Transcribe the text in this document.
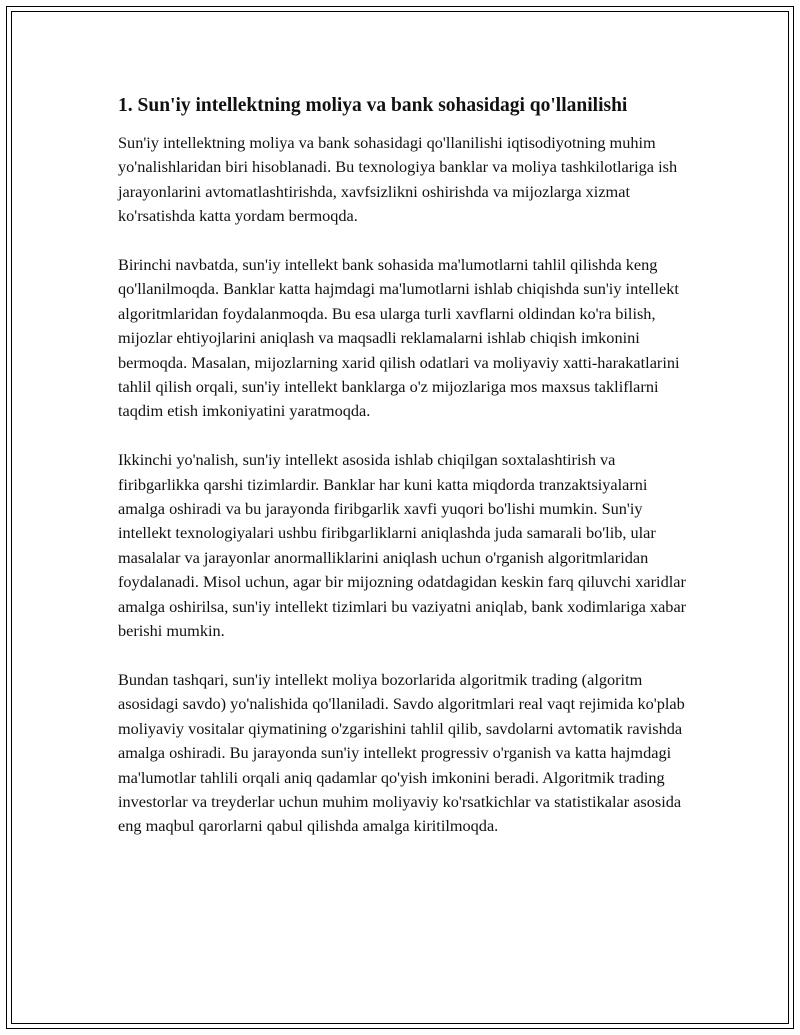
1. Sun'iy intellektning moliya va bank sohasidagi qo'llanilishi

Sun'iy intellektning moliya va bank sohasidagi qo'llanilishi iqtisodiyotning muhim yo'nalishlaridan biri hisoblanadi. Bu texnologiya banklar va moliya tashkilotlariga ish jarayonlarini avtomatlashtirishda, xavfsizlikni oshirishda va mijozlarga xizmat ko'rsatishda katta yordam bermoqda.

Birinchi navbatda, sun'iy intellekt bank sohasida ma'lumotlarni tahlil qilishda keng qo'llanilmoqda. Banklar katta hajmdagi ma'lumotlarni ishlab chiqishda sun'iy intellekt algoritmlaridan foydalanmoqda. Bu esa ularga turli xavflarni oldindan ko'ra bilish, mijozlar ehtiyojlarini aniqlash va maqsadli reklamalarni ishlab chiqish imkonini bermoqda. Masalan, mijozlarning xarid qilish odatlari va moliyaviy xatti-harakatlarini tahlil qilish orqali, sun'iy intellekt banklarga o'z mijozlariga mos maxsus takliflarni taqdim etish imkoniyatini yaratmoqda.

Ikkinchi yo'nalish, sun'iy intellekt asosida ishlab chiqilgan soxtalashtirish va firibgarlikka qarshi tizimlardir. Banklar har kuni katta miqdorda tranzaktsiyalarni amalga oshiradi va bu jarayonda firibgarlik xavfi yuqori bo'lishi mumkin. Sun'iy intellekt texnologiyalari ushbu firibgarliklarni aniqlashda juda samarali bo'lib, ular masalalar va jarayonlar anormalliklarini aniqlash uchun o'rganish algoritmlaridan foydalanadi. Misol uchun, agar bir mijozning odatdagidan keskin farq qiluvchi xaridlar amalga oshirilsa, sun'iy intellekt tizimlari bu vaziyatni aniqlab, bank xodimlariga xabar berishi mumkin.

Bundan tashqari, sun'iy intellekt moliya bozorlarida algoritmik trading (algoritm asosidagi savdo) yo'nalishida qo'llaniladi. Savdo algoritmlari real vaqt rejimida ko'plab moliyaviy vositalar qiymatining o'zgarishini tahlil qilib, savdolarni avtomatik ravishda amalga oshiradi. Bu jarayonda sun'iy intellekt progressiv o'rganish va katta hajmdagi ma'lumotlar tahlili orqali aniq qadamlar qo'yish imkonini beradi. Algoritmik trading investorlar va treyderlar uchun muhim moliyaviy ko'rsatkichlar va statistikalar asosida eng maqbul qarorlarni qabul qilishda amalga kiritilmoqda.
